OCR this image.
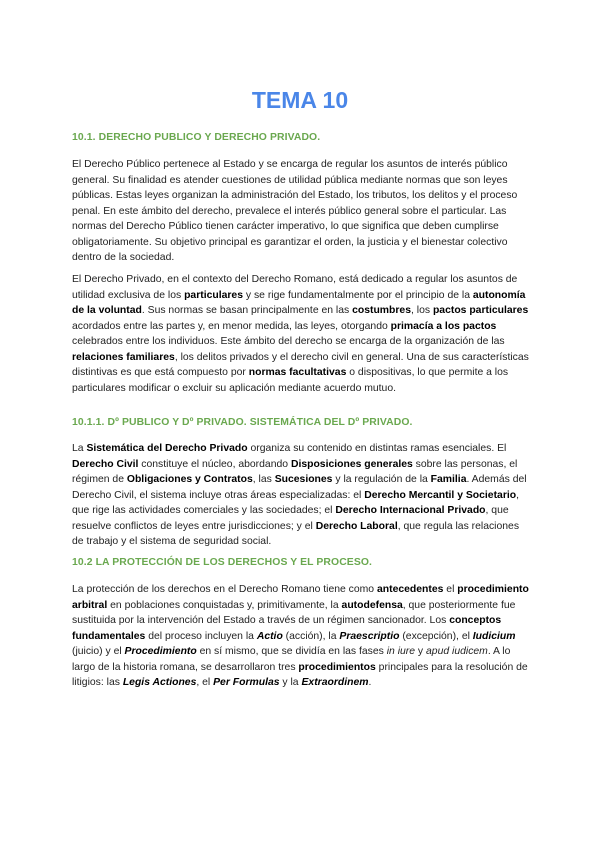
TEMA 10
10.1. DERECHO PUBLICO Y DERECHO PRIVADO.

El Derecho Público pertenece al Estado y se encarga de regular los asuntos de interés público general. Su finalidad es atender cuestiones de utilidad pública mediante normas que son leyes públicas. Estas leyes organizan la administración del Estado, los tributos, los delitos y el proceso penal. En este ámbito del derecho, prevalece el interés público general sobre el particular. Las normas del Derecho Público tienen carácter imperativo, lo que significa que deben cumplirse obligatoriamente. Su objetivo principal es garantizar el orden, la justicia y el bienestar colectivo dentro de la sociedad.

El Derecho Privado, en el contexto del Derecho Romano, está dedicado a regular los asuntos de utilidad exclusiva de los particulares y se rige fundamentalmente por el principio de la autonomía de la voluntad. Sus normas se basan principalmente en las costumbres, los pactos particulares acordados entre las partes y, en menor medida, las leyes, otorgando primacía a los pactos celebrados entre los individuos. Este ámbito del derecho se encarga de la organización de las relaciones familiares, los delitos privados y el derecho civil en general. Una de sus características distintivas es que está compuesto por normas facultativas o dispositivas, lo que permite a los particulares modificar o excluir su aplicación mediante acuerdo mutuo.

10.1.1. Dº PUBLICO Y Dº PRIVADO. SISTEMÁTICA DEL Dº PRIVADO.

La Sistemática del Derecho Privado organiza su contenido en distintas ramas esenciales. El Derecho Civil constituye el núcleo, abordando Disposiciones generales sobre las personas, el régimen de Obligaciones y Contratos, las Sucesiones y la regulación de la Familia. Además del Derecho Civil, el sistema incluye otras áreas especializadas: el Derecho Mercantil y Societario, que rige las actividades comerciales y las sociedades; el Derecho Internacional Privado, que resuelve conflictos de leyes entre jurisdicciones; y el Derecho Laboral, que regula las relaciones de trabajo y el sistema de seguridad social.

10.2 LA PROTECCIÓN DE LOS DERECHOS Y EL PROCESO.

La protección de los derechos en el Derecho Romano tiene como antecedentes el procedimiento arbitral en poblaciones conquistadas y, primitivamente, la autodefensa, que posteriormente fue sustituida por la intervención del Estado a través de un régimen sancionador. Los conceptos fundamentales del proceso incluyen la Actio (acción), la Praescriptio (excepción), el Iudicium (juicio) y el Procedimiento en sí mismo, que se dividía en las fases in iure y apud iudicem. A lo largo de la historia romana, se desarrollaron tres procedimientos principales para la resolución de litigios: las Legis Actiones, el Per Formulas y la Extraordinem.
